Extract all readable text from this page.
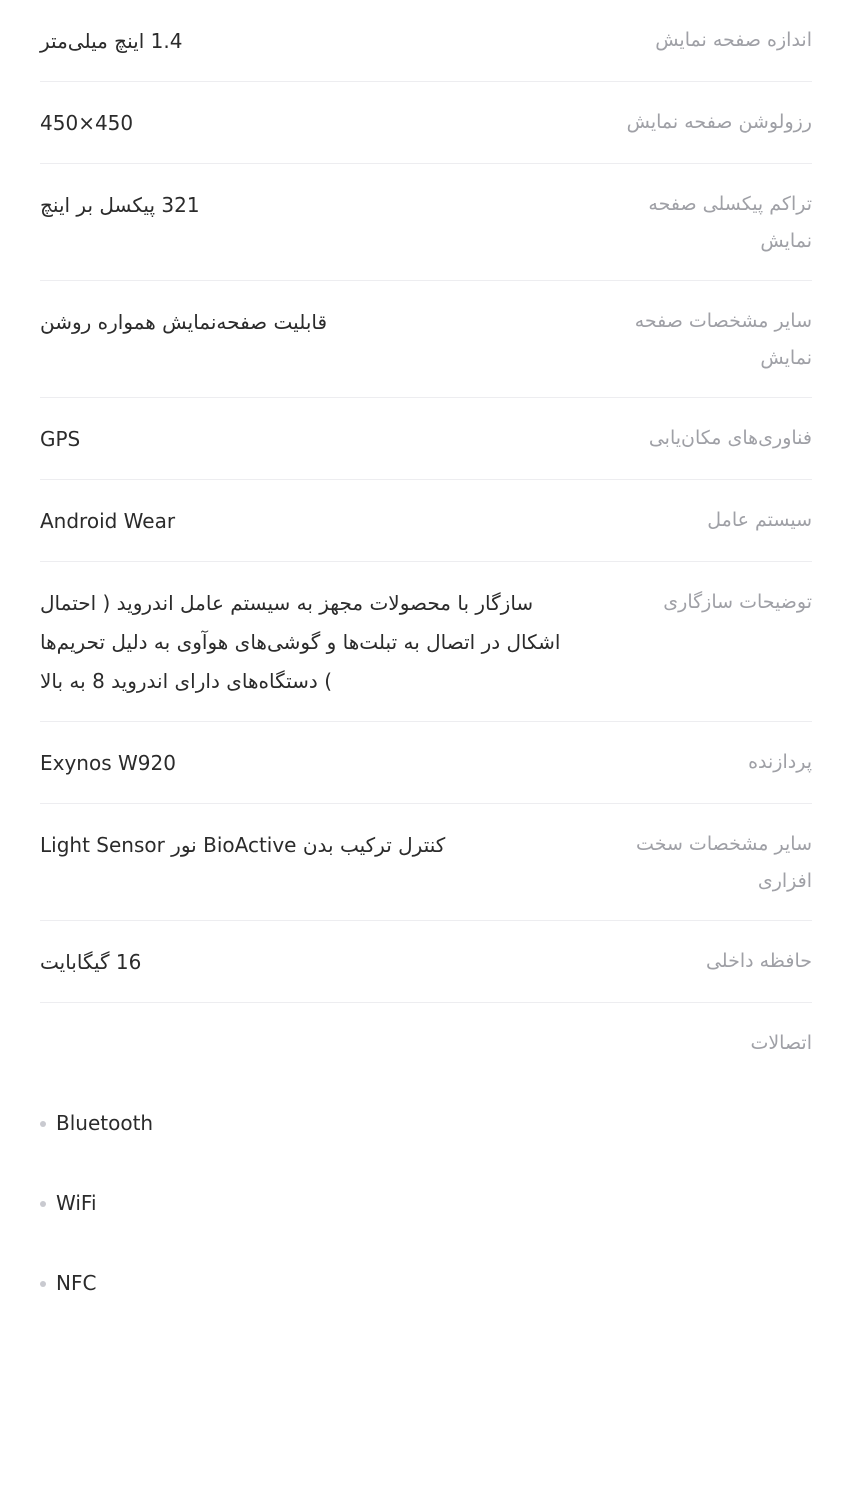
اندازه صفحه نمایش
1.4 اینچ میلی‌متر
رزولوشن صفحه نمایش
450×450
تراکم پیکسلی صفحه نمایش
321 پیکسل بر اینچ
سایر مشخصات صفحه نمایش
قابلیت صفحه‌نمایش همواره روشن
فناوری‌های مکان‌یابی
GPS
سیستم عامل
Android Wear
توضیحات سازگاری
سازگار با محصولات مجهز به سیستم عامل اندروید ( احتمال اشکال در اتصال به تبلت‌ها و گوشی‌های هوآوی به دلیل تحریم‌ها ) دستگاه‌های دارای اندروید 8 به بالا
پردازنده
Exynos W920
سایر مشخصات سخت افزاری
کنترل ترکیب بدن BioActive نور Light Sensor
حافظه داخلی
16 گیگابایت
اتصالات

Bluetooth

WiFi

NFC
